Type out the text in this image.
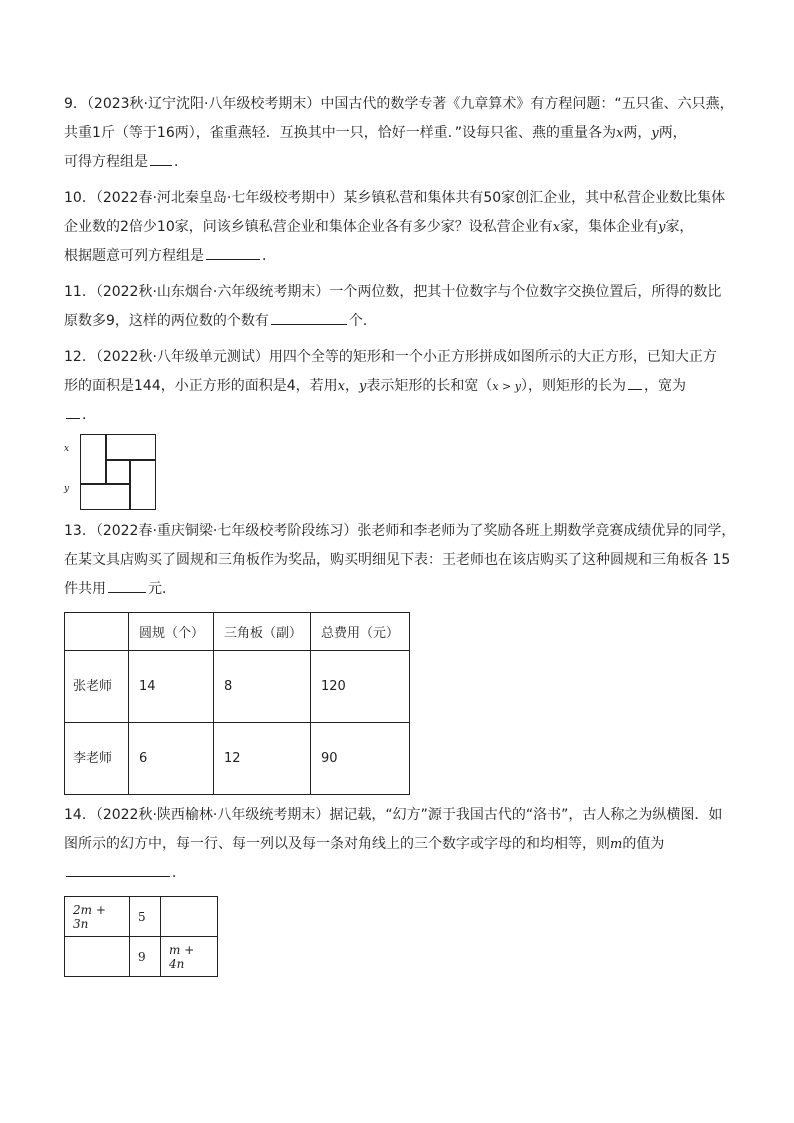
9．（2023秋·辽宁沈阳·八年级校考期末）中国古代的数学专著《九章算术》有方程问题：“五只雀、六只燕，

共重1斤（等于16两），雀重燕轻．互换其中一只，恰好一样重．”设每只雀、燕的重量各为x两，y两，

可得方程组是 ．

10．（2022春·河北秦皇岛·七年级校考期中）某乡镇私营和集体共有50家创汇企业，其中私营企业数比集体

企业数的2倍少10家，问该乡镇私营企业和集体企业各有多少家？设私营企业有x家，集体企业有y家，

根据题意可列方程组是	．

11．（2022秋·山东烟台·六年级统考期末）一个两位数，把其十位数字与个位数字交换位置后，所得的数比

原数多9，这样的两位数的个数有	个．

12．（2022秋·八年级单元测试）用四个全等的矩形和一个小正方形拼成如图所示的大正方形，已知大正方

形的面积是144，小正方形的面积是4，若用x，y表示矩形的长和宽（x > y），则矩形的长为 ，宽为

．

x
y

13．（2022春·重庆铜梁·七年级校考阶段练习）张老师和李老师为了奖励各班上期数学竞赛成绩优异的同学，

在某文具店购买了圆规和三角板作为奖品，购买明细见下表：王老师也在该店购买了这种圆规和三角板各 15

件共用	元．

	圆规（个）	三角板（副）	总费用（元）
张老师	14	8	120
李老师	6	12	90

14．（2022秋·陕西榆林·八年级统考期末）据记载，“幻方”源于我国古代的“洛书”，古人称之为纵横图．如

图所示的幻方中，每一行、每一列以及每一条对角线上的三个数字或字母的和均相等，则m的值为

．

2m + 3n	5	
	9	m + 4n
